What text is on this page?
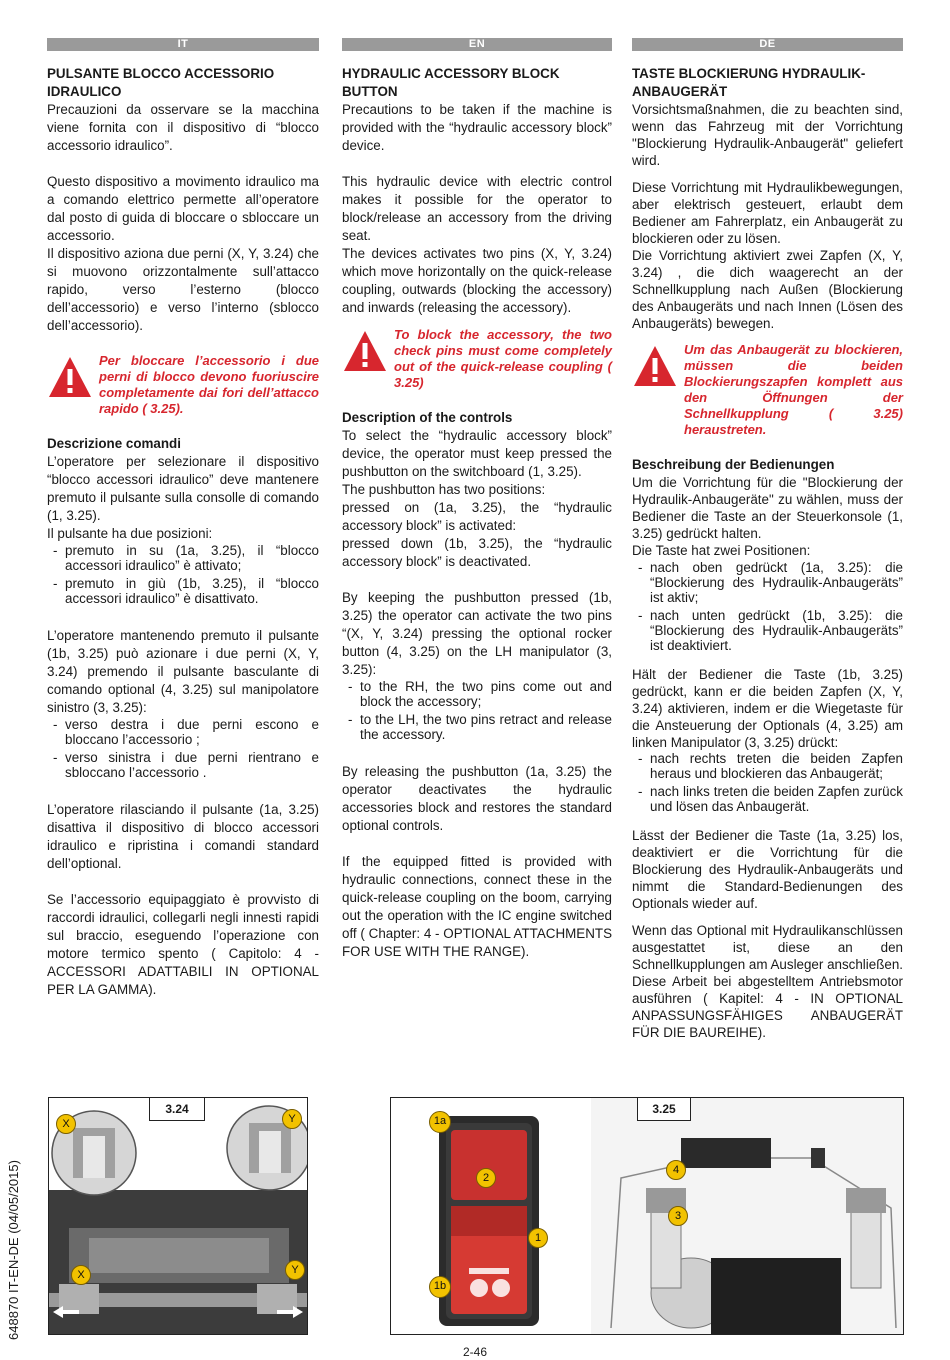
IT
PULSANTE BLOCCO ACCESSORIO IDRAULICO

Precauzioni da osservare se la macchina viene fornita con il dispositivo di “blocco accessorio idraulico”.

Questo dispositivo a movimento idraulico ma a comando elettrico permette all’operatore dal posto di guida di bloccare o sbloccare un accessorio.

Il dispositivo aziona due perni (X, Y, 3.24) che si muovono orizzontalmente sull’attacco rapido, verso l’esterno (blocco dell’accessorio) e verso l’interno (sblocco dell’accessorio).

Per bloccare l’accessorio i due perni di blocco devono fuoriuscire completamente dai fori dell’attacco rapido ( 3.25).
Descrizione comandi

L’operatore per selezionare il dispositivo “blocco accessori idraulico” deve mantenere premuto il pulsante sulla consolle di comando (1, 3.25).

Il pulsante ha due posizioni:

- premuto in su (1a, 3.25), il “blocco accessori idraulico” è attivato;
- premuto in giù (1b, 3.25), il “blocco accessori idraulico” è disattivato.

L’operatore mantenendo premuto il pulsante (1b, 3.25) può azionare i due perni (X, Y, 3.24) premendo il pulsante basculante di comando optional (4, 3.25) sul manipolatore sinistro (3, 3.25):

- verso destra i due perni escono e bloccano l’accessorio ;
- verso sinistra i due perni rientrano e sbloccano l’accessorio .

L’operatore rilasciando il pulsante (1a, 3.25) disattiva il dispositivo di blocco accessori idraulico e ripristina i comandi standard dell’optional.

Se l’accessorio equipaggiato è provvisto di raccordi idraulici, collegarli negli innesti rapidi sul braccio, eseguendo l’operazione con motore termico spento ( Capitolo: 4 - ACCESSORI ADATTABILI IN OPTIONAL PER LA GAMMA).

EN
HYDRAULIC ACCESSORY BLOCK BUTTON

Precautions to be taken if the machine is provided with the “hydraulic accessory block” device.

This hydraulic device with electric control makes it possible for the operator to block/release an accessory from the driving seat.

The devices activates two pins (X, Y, 3.24) which move horizontally on the quick-release coupling, outwards (blocking the accessory) and inwards (releasing the accessory).

To block the accessory, the two check pins must come completely out of the quick-release coupling ( 3.25)
Description of the controls

To select the “hydraulic accessory block” device, the operator must keep pressed the pushbutton on the switchboard (1, 3.25).

The pushbutton has two positions:

pressed on (1a, 3.25), the “hydraulic accessory block” is activated:

pressed down (1b, 3.25), the “hydraulic accessory block” is deactivated.

By keeping the pushbutton pressed (1b, 3.25) the operator can activate the two pins “(X, Y, 3.24) pressing the optional rocker button (4, 3.25) on the LH manipulator (3, 3.25):

- to the RH, the two pins come out and block the accessory;
- to the LH, the two pins retract and release the accessory.

By releasing the pushbutton (1a, 3.25) the operator deactivates the hydraulic accessories block and restores the standard optional controls.

If the equipped fitted is provided with hydraulic connections, connect these in the quick-release coupling on the boom, carrying out the operation with the IC engine switched off ( Chapter: 4 - OPTIONAL ATTACHMENTS FOR USE WITH THE RANGE).

DE
TASTE BLOCKIERUNG HYDRAULIK-ANBAUGERÄT

Vorsichtsmaßnahmen, die zu beachten sind, wenn das Fahrzeug mit der Vorrichtung "Blockierung Hydraulik-Anbaugerät" geliefert wird.

Diese Vorrichtung mit Hydraulikbewegungen, aber elektrisch gesteuert, erlaubt dem Bediener am Fahrerplatz, ein Anbaugerät zu blockieren oder zu lösen.

Die Vorrichtung aktiviert zwei Zapfen (X, Y, 3.24) , die dich waagerecht an der Schnellkupplung nach Außen (Blockierung des Anbaugeräts und nach Innen (Lösen des Anbaugeräts) bewegen.

Um das Anbaugerät zu blockieren, müssen die beiden Blockierungszapfen komplett aus den Öffnungen der Schnellkupplung ( 3.25) heraustreten.
Beschreibung der Bedienungen

Um die Vorrichtung für die "Blockierung der Hydraulik-Anbaugeräte" zu wählen, muss der Bediener die Taste an der Steuerkonsole (1, 3.25) gedrückt halten.

Die Taste hat zwei Positionen:

- nach oben gedrückt (1a, 3.25): die “Blockierung des Hydraulik-Anbaugeräts” ist aktiv;
- nach unten gedrückt (1b, 3.25): die “Blockierung des Hydraulik-Anbaugeräts” ist deaktiviert.

Hält der Bediener die Taste (1b, 3.25) gedrückt, kann er die beiden Zapfen (X, Y, 3.24) aktivieren, indem er die Wiegetaste für die Ansteuerung der Optionals (4, 3.25) am linken Manipulator (3, 3.25) drückt:

- nach rechts treten die beiden Zapfen heraus und blockieren das Anbaugerät;
- nach links treten die beiden Zapfen zurück und lösen das Anbaugerät.

Lässt der Bediener die Taste (1a, 3.25) los, deaktiviert er die Vorrichtung für die Blockierung des Hydraulik-Anbaugeräts und nimmt die Standard-Bedienungen des Optionals wieder auf.

Wenn das Optional mit Hydraulikanschlüssen ausgestattet ist, diese an den Schnellkupplungen am Ausleger anschließen. Diese Arbeit bei abgestelltem Antriebsmotor ausführen ( Kapitel: 4 - IN OPTIONAL ANPASSUNGSFÄHIGES ANBAUGERÄT FÜR DIE BAUREIHE).

3.24
X	Y
X	Y
3.25
1a
2
1
1b
4
3
648870 IT-EN-DE (04/05/2015)
2-46
